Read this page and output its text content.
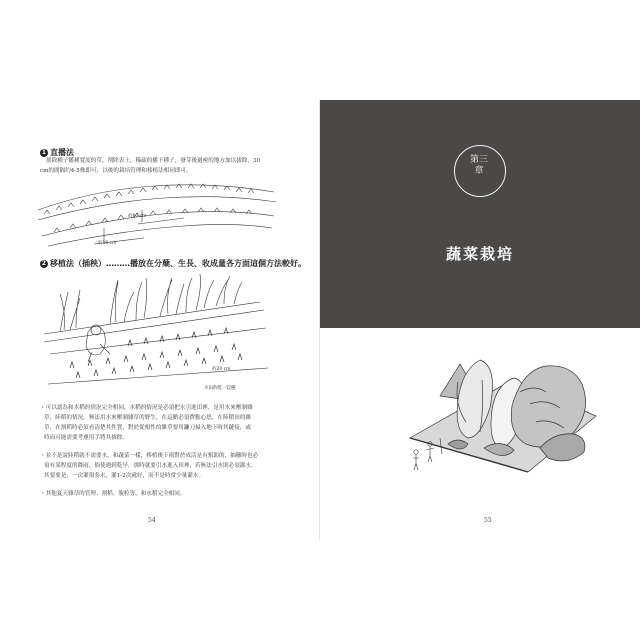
1 直播法
割除種子播種寬度的草，削除表土，稀疏的播下種子，發芽後過密的地方加以拔除，30
cm的間隔約4-5株即可，以後的栽培管理和移植法相同即可。
約60 cm
約16 cm
2 移植法（插秧）………播放在分蘖、生長、收成量各方面這個方法較好。
約20 cm
水田的畦一起種
・可以認為和水稻的情況完全相同，水稻的情況是必須把水引進田裡，是用水來壓制雜
草，陸稻的情況，無法用水來壓制雜草的野生，在這點必須費點心思，在陸稻田的雜
草，在割稻時必須看清楚其性質，對於從根性的雜草要用鐮刀掃入地下時其鏈接，或
時而可能需要考慮用手將其拔除。
・並不是說陸稻就不需要水，和蔬菜一樣，移植後下雨對於成活是有幫助的，抽穗時也必
須有某程度的降雨，倘使遇到乾旱，那時就要引水進入田裡，若無法引水則必須灌水，
其要要是，一次灌很多水，灌1-2次就好，而不是時常少量灌水。
・其他夏天雜草的管理、割稻、脫粒等，和水稻完全相同。
54
第三章
蔬菜栽培
55
